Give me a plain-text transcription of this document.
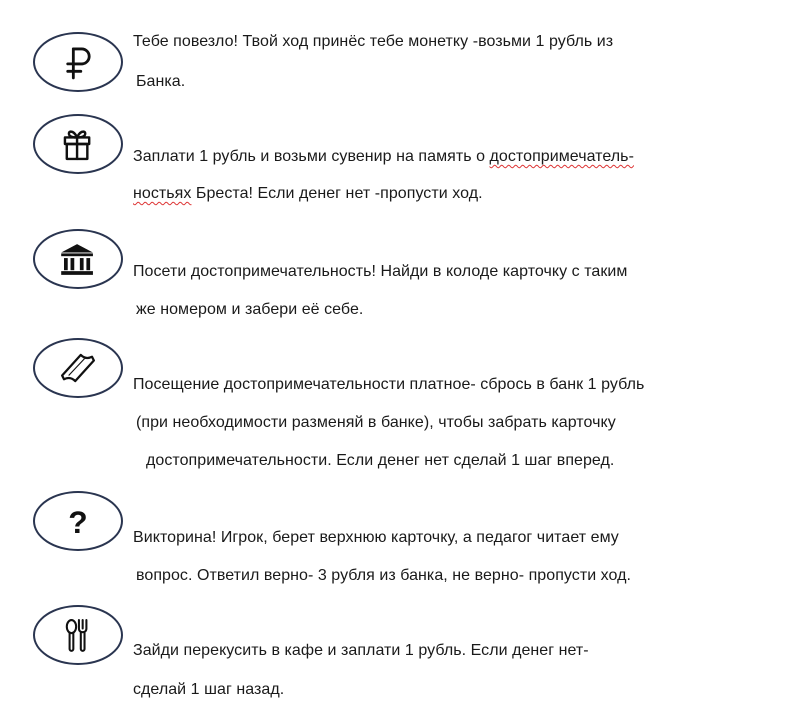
Тебе повезло! Твой ход принёс тебе монетку -возьми 1 рубль из
Банка.
Заплати 1 рубль и возьми сувенир на память о достопримечатель-
ностьях Бреста! Если денег нет -пропусти ход.
Посети достопримечательность! Найди в колоде карточку с таким
же номером и забери её себе.
Посещение достопримечательности платное- сбрось в банк 1 рубль
(при необходимости разменяй в банке), чтобы забрать карточку
достопримечательности. Если денег нет сделай 1 шаг вперед.
?	Викторина! Игрок, берет верхнюю карточку, а педагог читает ему
вопрос. Ответил верно- 3 рубля из банка, не верно- пропусти ход.
Зайди перекусить в кафе и заплати 1 рубль. Если денег нет-
сделай 1 шаг назад.
